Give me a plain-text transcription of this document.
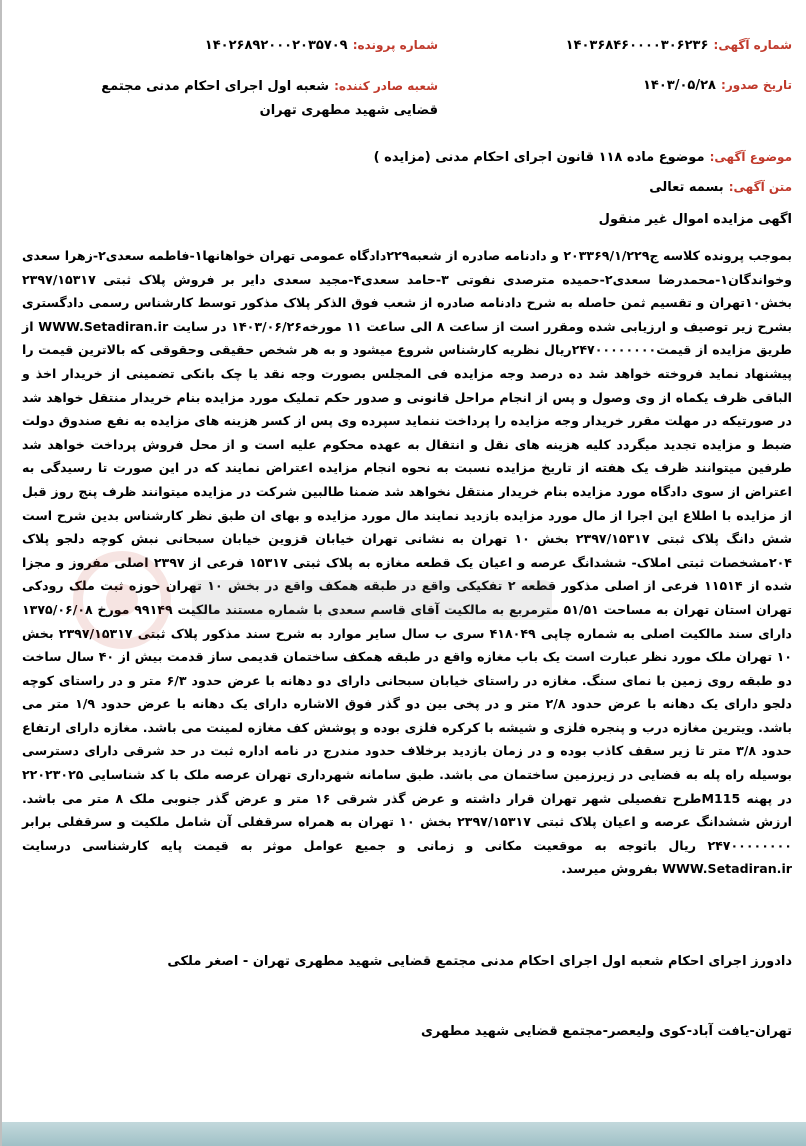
شماره آگهی: ۱۴۰۳۶۸۴۶۰۰۰۰۳۰۶۲۳۶
شماره پرونده: ۱۴۰۲۶۸۹۲۰۰۰۲۰۳۵۷۰۹
تاریخ صدور: ۱۴۰۳/۰۵/۲۸
شعبه صادر کننده: شعبه اول اجرای احکام مدنی مجتمع قضایی شهید مطهری تهران
موضوع آگهی: موضوع ماده ۱۱۸ قانون اجرای احکام مدنی (مزایده )
متن آگهی: بسمه تعالی
اگهی مزایده اموال غیر منقول

بموجب پرونده کلاسه ج۲۰۳۳۶۹/۱/۲۲۹ و دادنامه صادره از شعبه۲۲۹دادگاه عمومی تهران خواهانها۱-فاطمه سعدی۲-زهرا سعدی وخواندگان۱-محمدرضا سعدی۲-حمیده مترصدی نفوتی ۳-حامد سعدی۴-مجید سعدی دایر بر فروش پلاک ثبتی ۲۳۹۷/۱۵۳۱۷ بخش۱۰تهران و تقسیم ثمن حاصله به شرح دادنامه صادره از شعب فوق الذکر پلاک مذکور توسط کارشناس رسمی دادگستری بشرح زیر توصیف و ارزیابی شده ومقرر است از ساعت ۸ الی ساعت ۱۱ مورخه۱۴۰۳/۰۶/۲۶ در سایت WWW.Setadiran.ir از طریق مزایده از قیمت۲۴۷۰۰۰۰۰۰۰۰ریال نظریه کارشناس شروع میشود و به هر شخص حقیقی وحقوقی که بالاترین قیمت را پیشنهاد نماید فروخته خواهد شد ده درصد وجه مزایده فی المجلس بصورت وجه نقد یا چک بانکی تضمینی از خریدار اخذ و الباقی ظرف یکماه از وی وصول و پس از انجام مراحل قانونی و صدور حکم تملیک مورد مزایده بنام خریدار منتقل خواهد شد در صورتیکه در مهلت مقرر خریدار وجه مزایده را پرداخت ننماید سپرده وی پس از کسر هزینه های مزایده به نفع صندوق دولت ضبط و مزایده تجدید میگردد کلیه هزینه های نقل و انتقال به عهده محکوم علیه است و از محل فروش پرداخت خواهد شد طرفین میتوانند ظرف یک هفته از تاریخ مزایده نسبت به نحوه انجام مزایده اعتراض نمایند که در این صورت تا رسیدگی به اعتراض از سوی دادگاه مورد مزایده بنام خریدار منتقل نخواهد شد ضمنا طالبین شرکت در مزایده میتوانند ظرف پنج روز قبل از مزایده با اطلاع این اجرا از مال مورد مزایده بازدید نمایند مال مورد مزایده و بهای ان طبق نظر کارشناس بدین شرح است شش دانگ پلاک ثبتی ۲۳۹۷/۱۵۳۱۷ بخش ۱۰ تهران به نشانی تهران خیابان قزوین خیابان سبحانی نبش کوچه دلجو پلاک ۲۰۴مشخصات ثبتی املاک- ششدانگ عرصه و اعیان یک قطعه مغازه به پلاک ثبتی ۱۵۳۱۷ فرعی از ۲۳۹۷ اصلی مفروز و مجزا شده از ۱۱۵۱۴ فرعی از اصلی مذکور قطعه ۲ تفکیکی واقع در طبقه همکف واقع در بخش ۱۰ تهران حوزه ثبت ملک رودکی تهران استان تهران به مساحت ۵۱/۵۱ مترمربع به مالکیت آقای قاسم سعدی با شماره مستند مالکیت ۹۹۱۴۹ مورخ ۱۳۷۵/۰۶/۰۸ دارای سند مالکیت اصلی به شماره چاپی ۴۱۸۰۴۹ سری ب سال سایر موارد به شرح سند مذکور پلاک ثبتی ۲۳۹۷/۱۵۳۱۷ بخش ۱۰ تهران ملک مورد نظر عبارت است یک باب مغازه واقع در طبقه همکف ساختمان قدیمی ساز قدمت بیش از ۴۰ سال ساخت دو طبقه روی زمین با نمای سنگ. مغازه در راستای خیابان سبحانی دارای دو دهانه با عرض حدود ۶/۳ متر و در راستای کوچه دلجو دارای یک دهانه با عرض حدود ۲/۸ متر و در پخی بین دو گذر فوق الاشاره دارای یک دهانه با عرض حدود ۱/۹ متر می باشد. ویترین مغازه درب و پنجره فلزی و شیشه با کرکره فلزی بوده و پوشش کف مغازه لمینت می باشد. مغازه دارای ارتفاع حدود ۳/۸ متر تا زیر سقف کاذب بوده و در زمان بازدید برخلاف حدود مندرج در نامه اداره ثبت در حد شرقی دارای دسترسی بوسیله راه پله به فضایی در زیرزمین ساختمان می باشد. طبق سامانه شهرداری تهران عرصه ملک با کد شناسایی ۲۲۰۲۳۰۲۵ در پهنه M115طرح تفصیلی شهر تهران قرار داشته و عرض گذر شرقی ۱۶ متر و عرض گذر جنوبی ملک ۸ متر می باشد. ارزش ششدانگ عرصه و اعیان پلاک ثبتی ۲۳۹۷/۱۵۳۱۷ بخش ۱۰ تهران به همراه سرقفلی آن شامل ملکیت و سرقفلی برابر ۲۴۷۰۰۰۰۰۰۰۰ ریال باتوجه به موقعیت مکانی و زمانی و جمیع عوامل موثر به قیمت پایه کارشناسی درسایت WWW.Setadiran.ir بفروش میرسد.

دادورز اجرای احکام شعبه اول اجرای احکام مدنی مجتمع قضایی شهید مطهری تهران - اصغر ملکی
تهران-یافت آباد-کوی ولیعصر-مجتمع قضایی شهید مطهری
